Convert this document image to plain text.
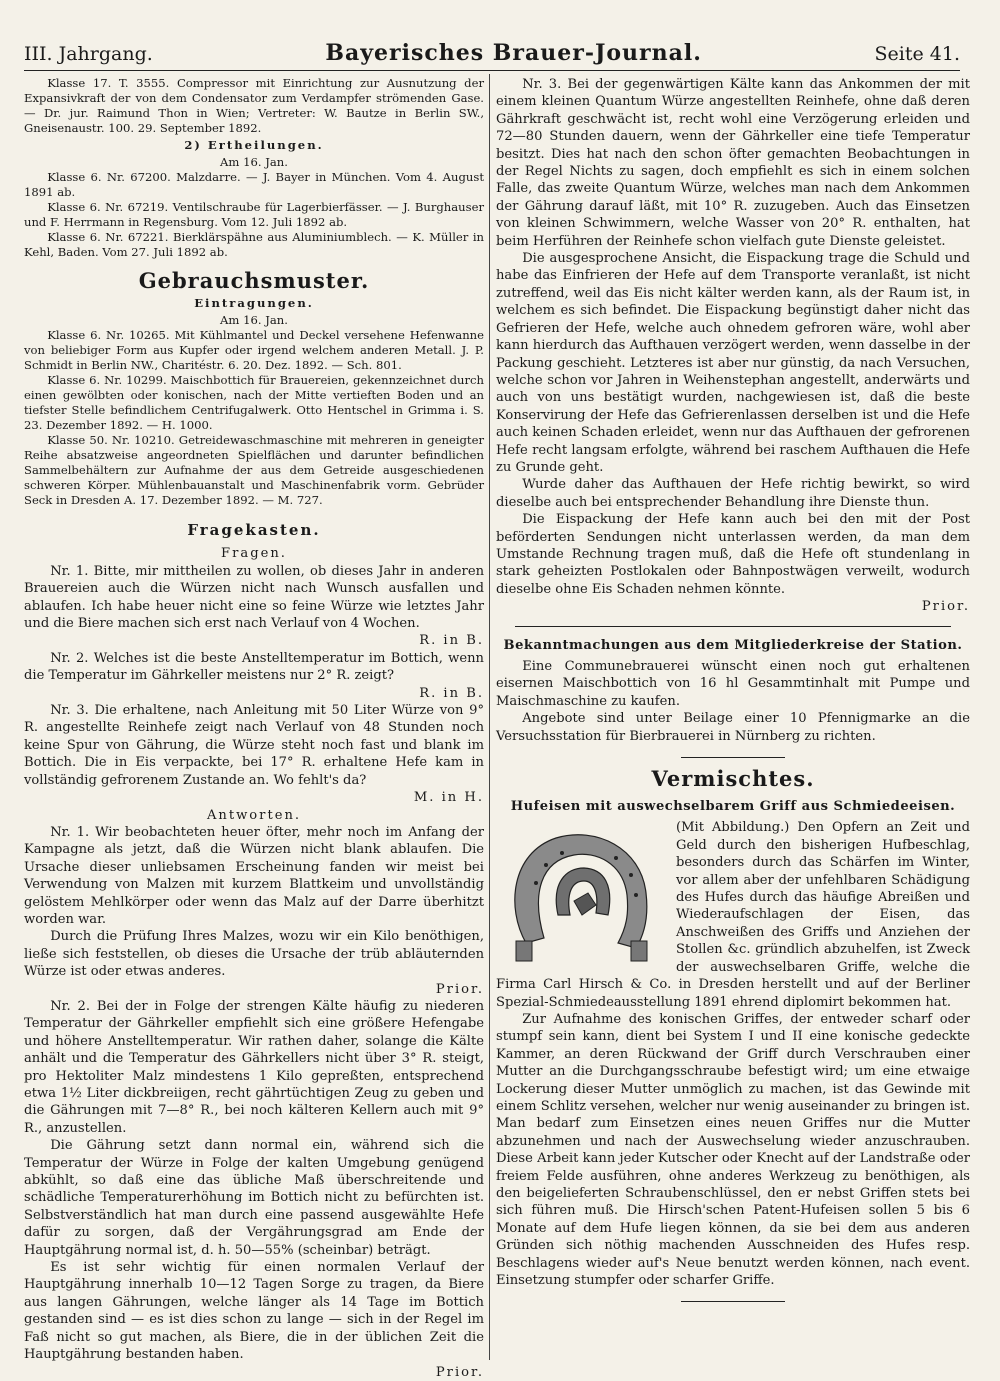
III. Jahrgang.	Bayerisches Brauer-Journal.	Seite 41.

Klasse 17. T. 3555. Compressor mit Einrichtung zur Ausnutzung der Expansivkraft der von dem Condensator zum Verdampfer strömenden Gase. — Dr. jur. Raimund Thon in Wien; Vertreter: W. Bautze in Berlin SW., Gneisenaustr. 100. 29. September 1892.

2) Ertheilungen.

Am 16. Jan.

Klasse 6. Nr. 67200. Malzdarre. — J. Bayer in München. Vom 4. August 1891 ab.

Klasse 6. Nr. 67219. Ventilschraube für Lagerbierfässer. — J. Burghauser und F. Herrmann in Regensburg. Vom 12. Juli 1892 ab.

Klasse 6. Nr. 67221. Bierklärspähne aus Aluminiumblech. — K. Müller in Kehl, Baden. Vom 27. Juli 1892 ab.

Gebrauchsmuster.

Eintragungen.

Am 16. Jan.

Klasse 6. Nr. 10265. Mit Kühlmantel und Deckel versehene Hefenwanne von beliebiger Form aus Kupfer oder irgend welchem anderen Metall. J. P. Schmidt in Berlin NW., Charitéstr. 6. 20. Dez. 1892. — Sch. 801.

Klasse 6. Nr. 10299. Maischbottich für Brauereien, gekennzeichnet durch einen gewölbten oder konischen, nach der Mitte vertieften Boden und an tiefster Stelle befindlichem Centrifugalwerk. Otto Hentschel in Grimma i. S. 23. Dezember 1892. — H. 1000.

Klasse 50. Nr. 10210. Getreidewaschmaschine mit mehreren in geneigter Reihe absatzweise angeordneten Spielflächen und darunter befindlichen Sammelbehältern zur Aufnahme der aus dem Getreide ausgeschiedenen schweren Körper. Mühlenbauanstalt und Maschinenfabrik vorm. Gebrüder Seck in Dresden A. 17. Dezember 1892. — M. 727.

Fragekasten.

Fragen.

Nr. 1. Bitte, mir mittheilen zu wollen, ob dieses Jahr in anderen Brauereien auch die Würzen nicht nach Wunsch ausfallen und ablaufen. Ich habe heuer nicht eine so feine Würze wie letztes Jahr und die Biere machen sich erst nach Verlauf von 4 Wochen.

R. in B.

Nr. 2. Welches ist die beste Anstelltemperatur im Bottich, wenn die Temperatur im Gährkeller meistens nur 2° R. zeigt?

R. in B.

Nr. 3. Die erhaltene, nach Anleitung mit 50 Liter Würze von 9° R. angestellte Reinhefe zeigt nach Verlauf von 48 Stunden noch keine Spur von Gährung, die Würze steht noch fast und blank im Bottich. Die in Eis verpackte, bei 17° R. erhaltene Hefe kam in vollständig gefrorenem Zustande an. Wo fehlt's da?

M. in H.

Antworten.

Nr. 1. Wir beobachteten heuer öfter, mehr noch im Anfang der Kampagne als jetzt, daß die Würzen nicht blank ablaufen. Die Ursache dieser unliebsamen Erscheinung fanden wir meist bei Verwendung von Malzen mit kurzem Blattkeim und unvollständig gelöstem Mehlkörper oder wenn das Malz auf der Darre überhitzt worden war.

Durch die Prüfung Ihres Malzes, wozu wir ein Kilo benöthigen, ließe sich feststellen, ob dieses die Ursache der trüb abläuternden Würze ist oder etwas anderes.

Prior.

Nr. 2. Bei der in Folge der strengen Kälte häufig zu niederen Temperatur der Gährkeller empfiehlt sich eine größere Hefengabe und höhere Anstelltemperatur. Wir rathen daher, solange die Kälte anhält und die Temperatur des Gährkellers nicht über 3° R. steigt, pro Hektoliter Malz mindestens 1 Kilo gepreßten, entsprechend etwa 1½ Liter dickbreiigen, recht gährtüchtigen Zeug zu geben und die Gährungen mit 7—8° R., bei noch kälteren Kellern auch mit 9° R., anzustellen.

Die Gährung setzt dann normal ein, während sich die Temperatur der Würze in Folge der kalten Umgebung genügend abkühlt, so daß eine das übliche Maß überschreitende und schädliche Temperaturerhöhung im Bottich nicht zu befürchten ist. Selbstverständlich hat man durch eine passend ausgewählte Hefe dafür zu sorgen, daß der Vergährungsgrad am Ende der Hauptgährung normal ist, d. h. 50—55% (scheinbar) beträgt.

Es ist sehr wichtig für einen normalen Verlauf der Hauptgährung innerhalb 10—12 Tagen Sorge zu tragen, da Biere aus langen Gährungen, welche länger als 14 Tage im Bottich gestanden sind — es ist dies schon zu lange — sich in der Regel im Faß nicht so gut machen, als Biere, die in der üblichen Zeit die Hauptgährung bestanden haben.

Prior.

Nr. 3. Bei der gegenwärtigen Kälte kann das Ankommen der mit einem kleinen Quantum Würze angestellten Reinhefe, ohne daß deren Gährkraft geschwächt ist, recht wohl eine Verzögerung erleiden und 72—80 Stunden dauern, wenn der Gährkeller eine tiefe Temperatur besitzt. Dies hat nach den schon öfter gemachten Beobachtungen in der Regel Nichts zu sagen, doch empfiehlt es sich in einem solchen Falle, das zweite Quantum Würze, welches man nach dem Ankommen der Gährung darauf läßt, mit 10° R. zuzugeben. Auch das Einsetzen von kleinen Schwimmern, welche Wasser von 20° R. enthalten, hat beim Herführen der Reinhefe schon vielfach gute Dienste geleistet.

Die ausgesprochene Ansicht, die Eispackung trage die Schuld und habe das Einfrieren der Hefe auf dem Transporte veranlaßt, ist nicht zutreffend, weil das Eis nicht kälter werden kann, als der Raum ist, in welchem es sich befindet. Die Eispackung begünstigt daher nicht das Gefrieren der Hefe, welche auch ohnedem gefroren wäre, wohl aber kann hierdurch das Aufthauen verzögert werden, wenn dasselbe in der Packung geschieht. Letzteres ist aber nur günstig, da nach Versuchen, welche schon vor Jahren in Weihenstephan angestellt, anderwärts und auch von uns bestätigt wurden, nachgewiesen ist, daß die beste Konservirung der Hefe das Gefrierenlassen derselben ist und die Hefe auch keinen Schaden erleidet, wenn nur das Aufthauen der gefrorenen Hefe recht langsam erfolgte, während bei raschem Aufthauen die Hefe zu Grunde geht.

Wurde daher das Aufthauen der Hefe richtig bewirkt, so wird dieselbe auch bei entsprechender Behandlung ihre Dienste thun.

Die Eispackung der Hefe kann auch bei den mit der Post beförderten Sendungen nicht unterlassen werden, da man dem Umstande Rechnung tragen muß, daß die Hefe oft stundenlang in stark geheizten Postlokalen oder Bahnpostwägen verweilt, wodurch dieselbe ohne Eis Schaden nehmen könnte.

Prior.

Bekanntmachungen aus dem Mitgliederkreise der Station.

Eine Communebrauerei wünscht einen noch gut erhaltenen eisernen Maischbottich von 16 hl Gesammtinhalt mit Pumpe und Maischmaschine zu kaufen.

Angebote sind unter Beilage einer 10 Pfennigmarke an die Versuchsstation für Bierbrauerei in Nürnberg zu richten.

Vermischtes.

Hufeisen mit auswechselbarem Griff aus Schmiedeeisen.

(Mit Abbildung.) Den Opfern an Zeit und Geld durch den bisherigen Hufbeschlag, besonders durch das Schärfen im Winter, vor allem aber der unfehlbaren Schädigung des Hufes durch das häufige Abreißen und Wiederaufschlagen der Eisen, das Anschweißen des Griffs und Anziehen der Stollen &c. gründlich abzuhelfen, ist Zweck der auswechselbaren Griffe, welche die Firma Carl Hirsch & Co. in Dresden herstellt und auf der Berliner Spezial-Schmiedeausstellung 1891 ehrend diplomirt bekommen hat.

Zur Aufnahme des konischen Griffes, der entweder scharf oder stumpf sein kann, dient bei System I und II eine konische gedeckte Kammer, an deren Rückwand der Griff durch Verschrauben einer Mutter an die Durchgangsschraube befestigt wird; um eine etwaige Lockerung dieser Mutter unmöglich zu machen, ist das Gewinde mit einem Schlitz versehen, welcher nur wenig auseinander zu bringen ist. Man bedarf zum Einsetzen eines neuen Griffes nur die Mutter abzunehmen und nach der Auswechselung wieder anzuschrauben. Diese Arbeit kann jeder Kutscher oder Knecht auf der Landstraße oder freiem Felde ausführen, ohne anderes Werkzeug zu benöthigen, als den beigelieferten Schraubenschlüssel, den er nebst Griffen stets bei sich führen muß. Die Hirsch'schen Patent-Hufeisen sollen 5 bis 6 Monate auf dem Hufe liegen können, da sie bei dem aus anderen Gründen sich nöthig machenden Ausschneiden des Hufes resp. Beschlagens wieder auf's Neue benutzt werden können, nach event. Einsetzung stumpfer oder scharfer Griffe.
